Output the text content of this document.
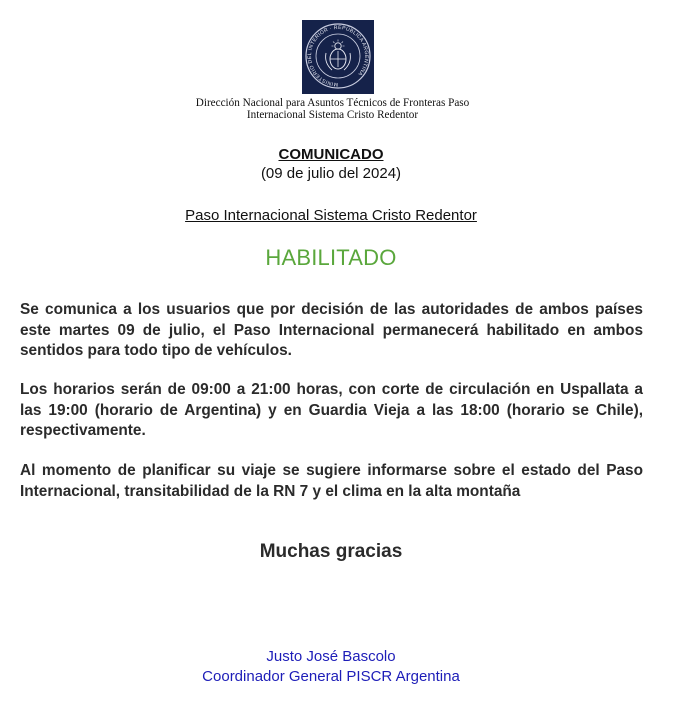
MINISTERIO DEL INTERIOR · REPÚBLICA ARGENTINA
Dirección Nacional para Asuntos Técnicos de Fronteras Paso
Internacional Sistema Cristo Redentor
COMUNICADO
(09 de julio del 2024)
Paso Internacional Sistema Cristo Redentor
HABILITADO
Se comunica a los usuarios que por decisión de las autoridades de ambos países este martes 09 de julio, el Paso Internacional permanecerá habilitado en ambos sentidos para todo tipo de vehículos.
Los horarios serán de 09:00 a 21:00 horas, con corte de circulación en Uspallata a las 19:00 (horario de Argentina) y en Guardia Vieja a las 18:00 (horario se Chile), respectivamente.
Al momento de planificar su viaje se sugiere informarse sobre el estado del Paso Internacional, transitabilidad de la RN 7 y el clima en la alta montaña
Muchas gracias
Justo José Bascolo
Coordinador General PISCR Argentina
